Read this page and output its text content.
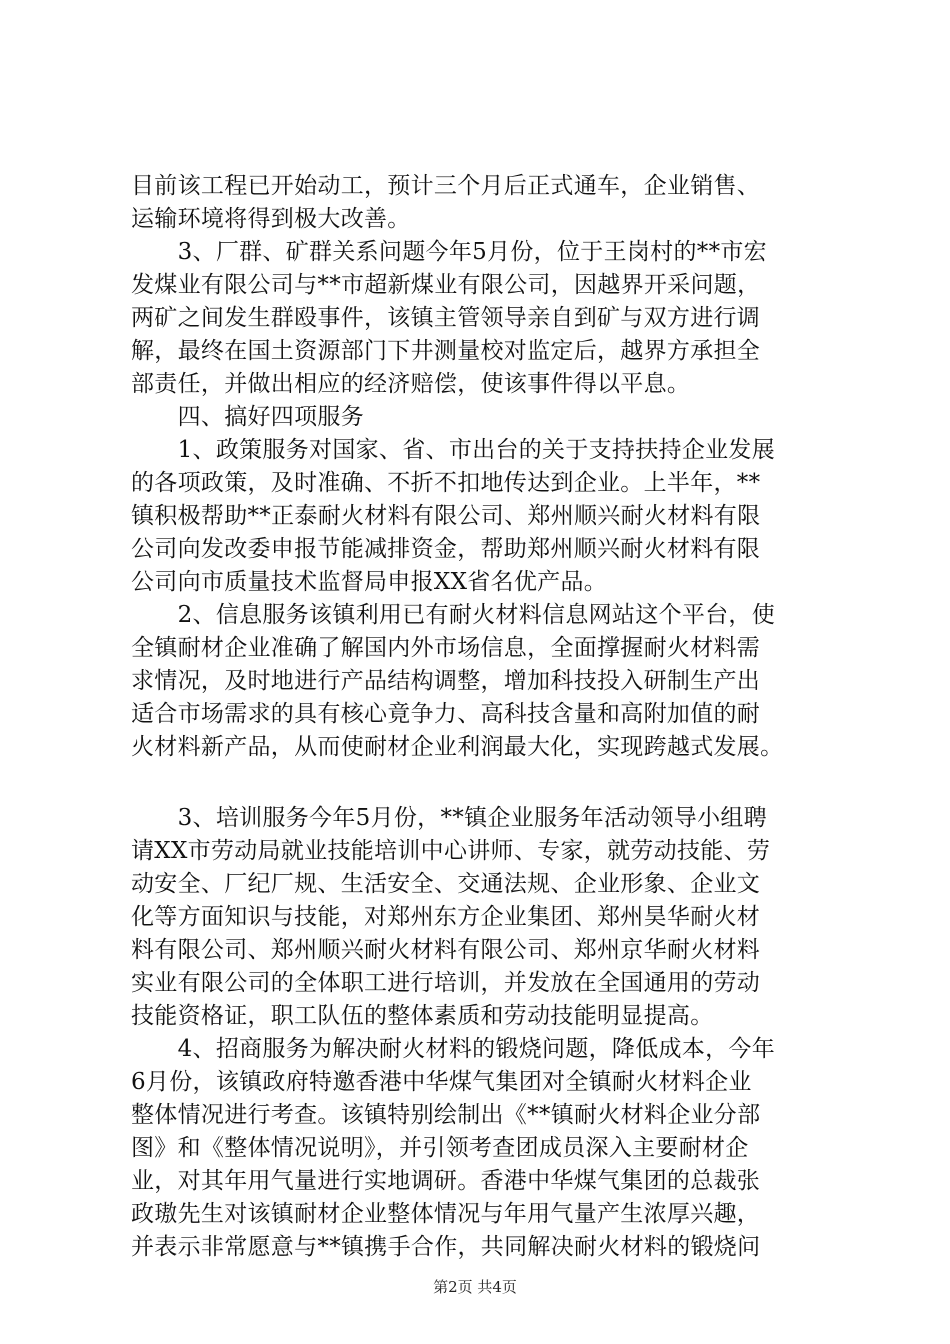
目前该工程已开始动工，预计三个月后正式通车，企业销售、
运输环境将得到极大改善。
　　3、厂群、矿群关系问题今年5月份，位于王岗村的**市宏
发煤业有限公司与**市超新煤业有限公司，因越界开采问题，
两矿之间发生群殴事件，该镇主管领导亲自到矿与双方进行调
解，最终在国土资源部门下井测量校对监定后，越界方承担全
部责任，并做出相应的经济赔偿，使该事件得以平息。
　　四、搞好四项服务
　　1、政策服务对国家、省、市出台的关于支持扶持企业发展
的各项政策，及时准确、不折不扣地传达到企业。上半年，**
镇积极帮助**正泰耐火材料有限公司、郑州顺兴耐火材料有限
公司向发改委申报节能减排资金，帮助郑州顺兴耐火材料有限
公司向市质量技术监督局申报XX省名优产品。
　　2、信息服务该镇利用已有耐火材料信息网站这个平台，使
全镇耐材企业准确了解国内外市场信息，全面撑握耐火材料需
求情况，及时地进行产品结构调整，增加科技投入研制生产出
适合市场需求的具有核心竟争力、高科技含量和高附加值的耐
火材料新产品，从而使耐材企业利润最大化，实现跨越式发展。
　　3、培训服务今年5月份，**镇企业服务年活动领导小组聘
请XX市劳动局就业技能培训中心讲师、专家，就劳动技能、劳
动安全、厂纪厂规、生活安全、交通法规、企业形象、企业文
化等方面知识与技能，对郑州东方企业集团、郑州昊华耐火材
料有限公司、郑州顺兴耐火材料有限公司、郑州京华耐火材料
实业有限公司的全体职工进行培训，并发放在全国通用的劳动
技能资格证，职工队伍的整体素质和劳动技能明显提高。
　　4、招商服务为解决耐火材料的锻烧问题，降低成本，今年
6月份，该镇政府特邀香港中华煤气集团对全镇耐火材料企业
整体情况进行考查。该镇特别绘制出《**镇耐火材料企业分部
图》和《整体情况说明》，并引领考查团成员深入主要耐材企
业，对其年用气量进行实地调研。香港中华煤气集团的总裁张
政璈先生对该镇耐材企业整体情况与年用气量产生浓厚兴趣，
并表示非常愿意与**镇携手合作，共同解决耐火材料的锻烧问
第2页 共4页
